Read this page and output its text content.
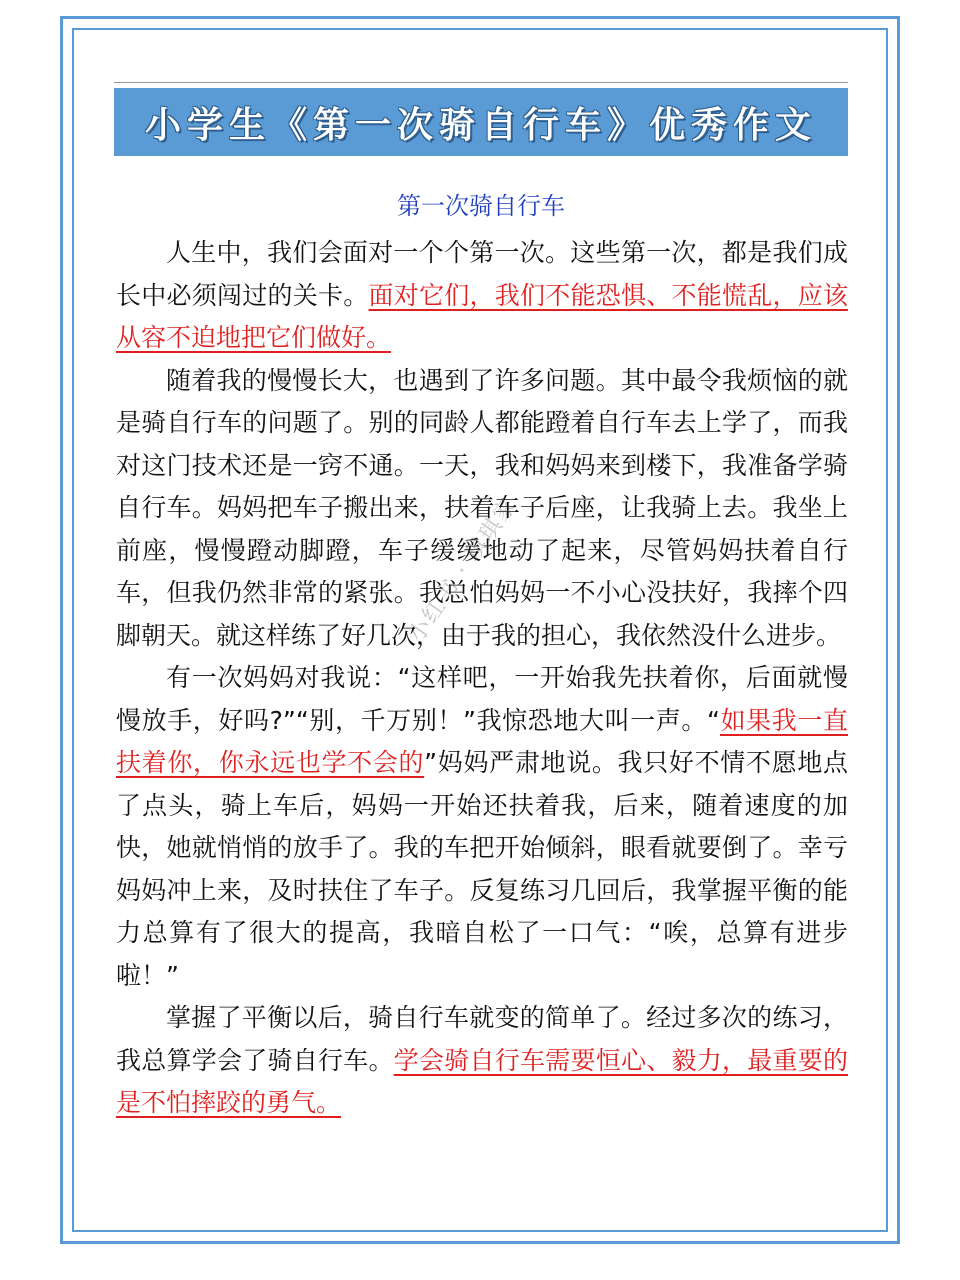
小学生《第一次骑自行车》优秀作文
第一次骑自行车

人生中，我们会面对一个个第一次。这些第一次，都是我们成长中必须闯过的关卡。面对它们，我们不能恐惧、不能慌乱，应该从容不迫地把它们做好。

随着我的慢慢长大，也遇到了许多问题。其中最令我烦恼的就是骑自行车的问题了。别的同龄人都能蹬着自行车去上学了，而我对这门技术还是一窍不通。一天，我和妈妈来到楼下，我准备学骑自行车。妈妈把车子搬出来，扶着车子后座，让我骑上去。我坐上前座，慢慢蹬动脚蹬，车子缓缓地动了起来，尽管妈妈扶着自行车，但我仍然非常的紧张。我总怕妈妈一不小心没扶好，我摔个四脚朝天。就这样练了好几次，由于我的担心，我依然没什么进步。

有一次妈妈对我说：“这样吧，一开始我先扶着你，后面就慢慢放手，好吗?”“别，千万别！”我惊恐地大叫一声。“如果我一直扶着你，你永远也学不会的”妈妈严肃地说。我只好不情不愿地点了点头，骑上车后，妈妈一开始还扶着我，后来，随着速度的加快，她就悄悄的放手了。我的车把开始倾斜，眼看就要倒了。幸亏妈妈冲上来，及时扶住了车子。反复练习几回后，我掌握平衡的能力总算有了很大的提高，我暗自松了一口气：“唉，总算有进步啦！”

掌握了平衡以后，骑自行车就变的简单了。经过多次的练习，我总算学会了骑自行车。学会骑自行车需要恒心、毅力，最重要的是不怕摔跤的勇气。

小红书 · 琪琪家
